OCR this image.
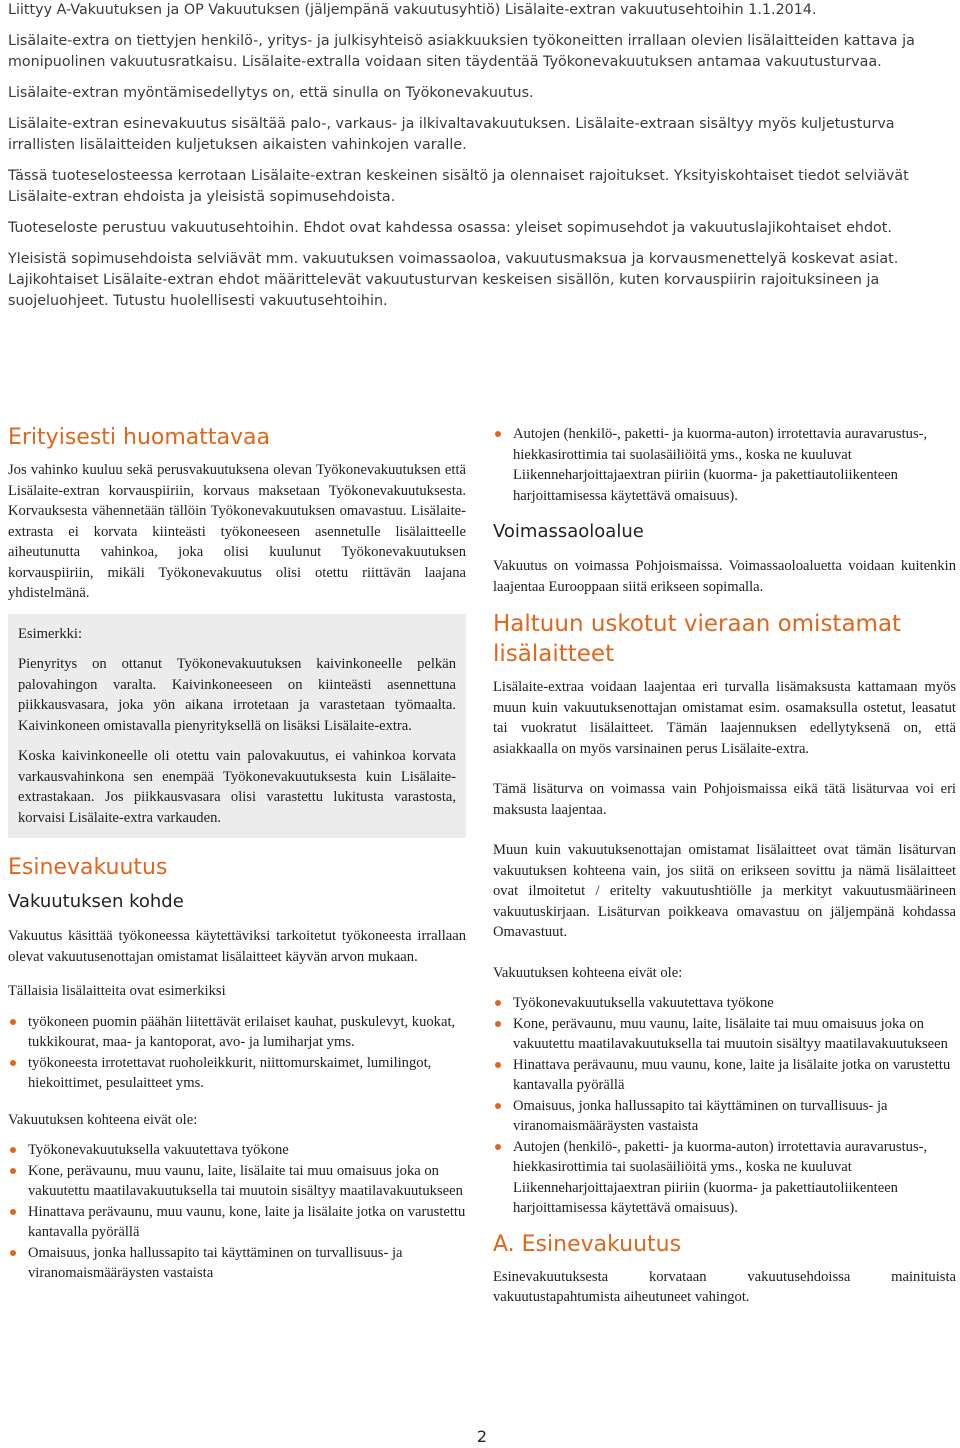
Liittyy A-Vakuutuksen ja OP Vakuutuksen (jäljempänä vakuutusyhtiö) Lisälaite-extran vakuutusehtoihin 1.1.2014.

Lisälaite-extra on tiettyjen henkilö-, yritys- ja julkisyhteisö asiakkuuksien työkoneitten irrallaan olevien lisälaitteiden kattava ja monipuolinen vakuutusratkaisu. Lisälaite-extralla voidaan siten täydentää Työkonevakuutuksen antamaa vakuutusturvaa.

Lisälaite-extran myöntämisedellytys on, että sinulla on Työkonevakuutus.

Lisälaite-extran esinevakuutus sisältää palo-, varkaus- ja ilkivaltavakuutuksen. Lisälaite-extraan sisältyy myös kuljetusturva irrallisten lisälaitteiden kuljetuksen aikaisten vahinkojen varalle.

Tässä tuoteselosteessa kerrotaan Lisälaite-extran keskeinen sisältö ja olennaiset rajoitukset. Yksityiskohtaiset tiedot selviävät Lisälaite-extran ehdoista ja yleisistä sopimusehdoista.

Tuoteseloste perustuu vakuutusehtoihin. Ehdot ovat kahdessa osassa: yleiset sopimusehdot ja vakuutuslajikohtaiset ehdot.

Yleisistä sopimusehdoista selviävät mm. vakuutuksen voimassaoloa, vakuutusmaksua ja korvausmenettelyä koskevat asiat. Lajikohtaiset Lisälaite-extran ehdot määrittelevät vakuutusturvan keskeisen sisällön, kuten korvauspiirin rajoituksineen ja suojeluohjeet. Tutustu huolellisesti vakuutusehtoihin.

Erityisesti huomattavaa

Jos vahinko kuuluu sekä perusvakuutuksena olevan Työkonevakuutuksen että Lisälaite-extran korvauspiiriin, korvaus maksetaan Työkonevakuutuksesta. Korvauksesta vähennetään tällöin Työkonevakuutuksen omavastuu. Lisälaite-extrasta ei korvata kiinteästi työkoneeseen asennetulle lisälaitteelle aiheutunutta vahinkoa, joka olisi kuulunut Työkonevakuutuksen korvauspiiriin, mikäli Työkonevakuutus olisi otettu riittävän laajana yhdistelmänä.

Esimerkki:

Pienyritys on ottanut Työkonevakuutuksen kaivinkoneelle pelkän palovahingon varalta. Kaivinkoneeseen on kiinteästi asennettuna piikkausvasara, joka yön aikana irrotetaan ja varastetaan työmaalta. Kaivinkoneen omistavalla pienyrityksellä on lisäksi Lisälaite-extra.

Koska kaivinkoneelle oli otettu vain palovakuutus, ei vahinkoa korvata varkausvahinkona sen enempää Työkonevakuutuksesta kuin Lisälaite-extrastakaan. Jos piikkausvasara olisi varastettu lukitusta varastosta, korvaisi Lisälaite-extra varkauden.

Esinevakuutus
Vakuutuksen kohde

Vakuutus käsittää työkoneessa käytettäviksi tarkoitetut työkoneesta irrallaan olevat vakuutusenottajan omistamat lisälaitteet käyvän arvon mukaan.

Tällaisia lisälaitteita ovat esimerkiksi

työkoneen puomin päähän liitettävät erilaiset kauhat, puskulevyt, kuokat, tukkikourat, maa- ja kantoporat, avo- ja lumiharjat yms.
työkoneesta irrotettavat ruoholeikkurit, niittomurskaimet, lumilingot, hiekoittimet, pesulaitteet yms.

Vakuutuksen kohteena eivät ole:

Työkonevakuutuksella vakuutettava työkone
Kone, perävaunu, muu vaunu, laite, lisälaite tai muu omaisuus joka on vakuutettu maatilavakuutuksella tai muutoin sisältyy maatilavakuutukseen
Hinattava perävaunu, muu vaunu, kone, laite ja lisälaite jotka on varustettu kantavalla pyörällä
Omaisuus, jonka hallussapito tai käyttäminen on turvallisuus- ja viranomaismääräysten vastaista
Autojen (henkilö-, paketti- ja kuorma-auton) irrotettavia auravarustus-, hiekkasirottimia tai suolasäiliöitä yms., koska ne kuuluvat Liikenneharjoittajaextran piiriin (kuorma- ja pakettiautoliikenteen harjoittamisessa käytettävä omaisuus).
Voimassaoloalue

Vakuutus on voimassa Pohjoismaissa. Voimassaoloaluetta voidaan kuitenkin laajentaa Eurooppaan siitä erikseen sopimalla.

Haltuun uskotut vieraan omistamat lisälaitteet

Lisälaite-extraa voidaan laajentaa eri turvalla lisämaksusta kattamaan myös muun kuin vakuutuksenottajan omistamat esim. osamaksulla ostetut, leasatut tai vuokratut lisälaitteet. Tämän laajennuksen edellytyksenä on, että asiakkaalla on myös varsinainen perus Lisälaite-extra.

Tämä lisäturva on voimassa vain Pohjoismaissa eikä tätä lisäturvaa voi eri maksusta laajentaa.

Muun kuin vakuutuksenottajan omistamat lisälaitteet ovat tämän lisäturvan vakuutuksen kohteena vain, jos siitä on erikseen sovittu ja nämä lisälaitteet ovat ilmoitetut / eritelty vakuutushtiölle ja merkityt vakuutusmäärineen vakuutuskirjaan. Lisäturvan poikkeava omavastuu on jäljempänä kohdassa Omavastuut.

Vakuutuksen kohteena eivät ole:

Työkonevakuutuksella vakuutettava työkone
Kone, perävaunu, muu vaunu, laite, lisälaite tai muu omaisuus joka on vakuutettu maatilavakuutuksella tai muutoin sisältyy maatilavakuutukseen
Hinattava perävaunu, muu vaunu, kone, laite ja lisälaite jotka on varustettu kantavalla pyörällä
Omaisuus, jonka hallussapito tai käyttäminen on turvallisuus- ja viranomaismääräysten vastaista
Autojen (henkilö-, paketti- ja kuorma-auton) irrotettavia auravarustus-, hiekkasirottimia tai suolasäiliöitä yms., koska ne kuuluvat Liikenneharjoittajaextran piiriin (kuorma- ja pakettiautoliikenteen harjoittamisessa käytettävä omaisuus).
A. Esinevakuutus

Esinevakuutuksesta korvataan vakuutusehdoissa mainituista vakuutustapahtumista aiheutuneet vahingot.

2
